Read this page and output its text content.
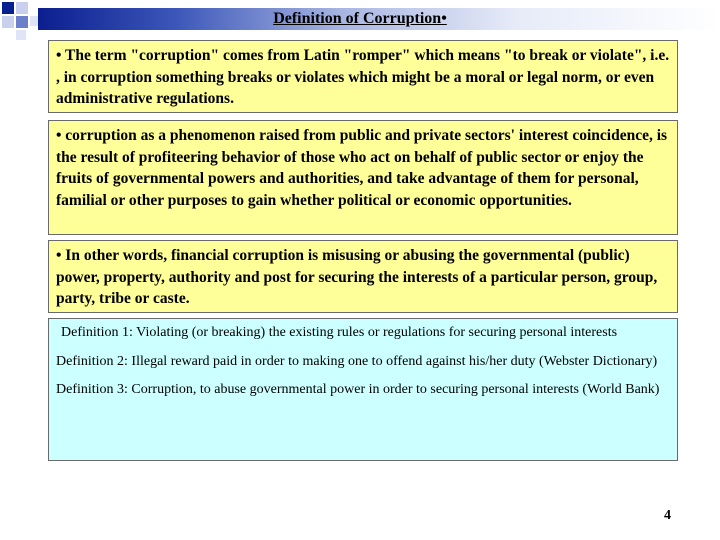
Definition of Corruption•
• The term "corruption" comes from Latin "romper" which means "to break or violate", i.e. , in corruption something breaks or violates which might be a moral or legal norm, or even administrative regulations.
• corruption as a phenomenon raised from public and private sectors' interest coincidence, is the result of profiteering behavior of those who act on behalf of public sector or enjoy the fruits of governmental powers and authorities, and take advantage of them for personal, familial or other purposes to gain whether political or economic opportunities.
• In other words, financial corruption is misusing or abusing the governmental (public) power, property, authority and post for securing the interests of a particular person, group, party, tribe or caste.

Definition 1: Violating (or breaking) the existing rules or regulations for securing personal interests

Definition 2: Illegal reward paid in order to making one to offend against his/her duty (Webster Dictionary)

Definition 3: Corruption, to abuse governmental power in order to securing personal interests (World Bank)

4
